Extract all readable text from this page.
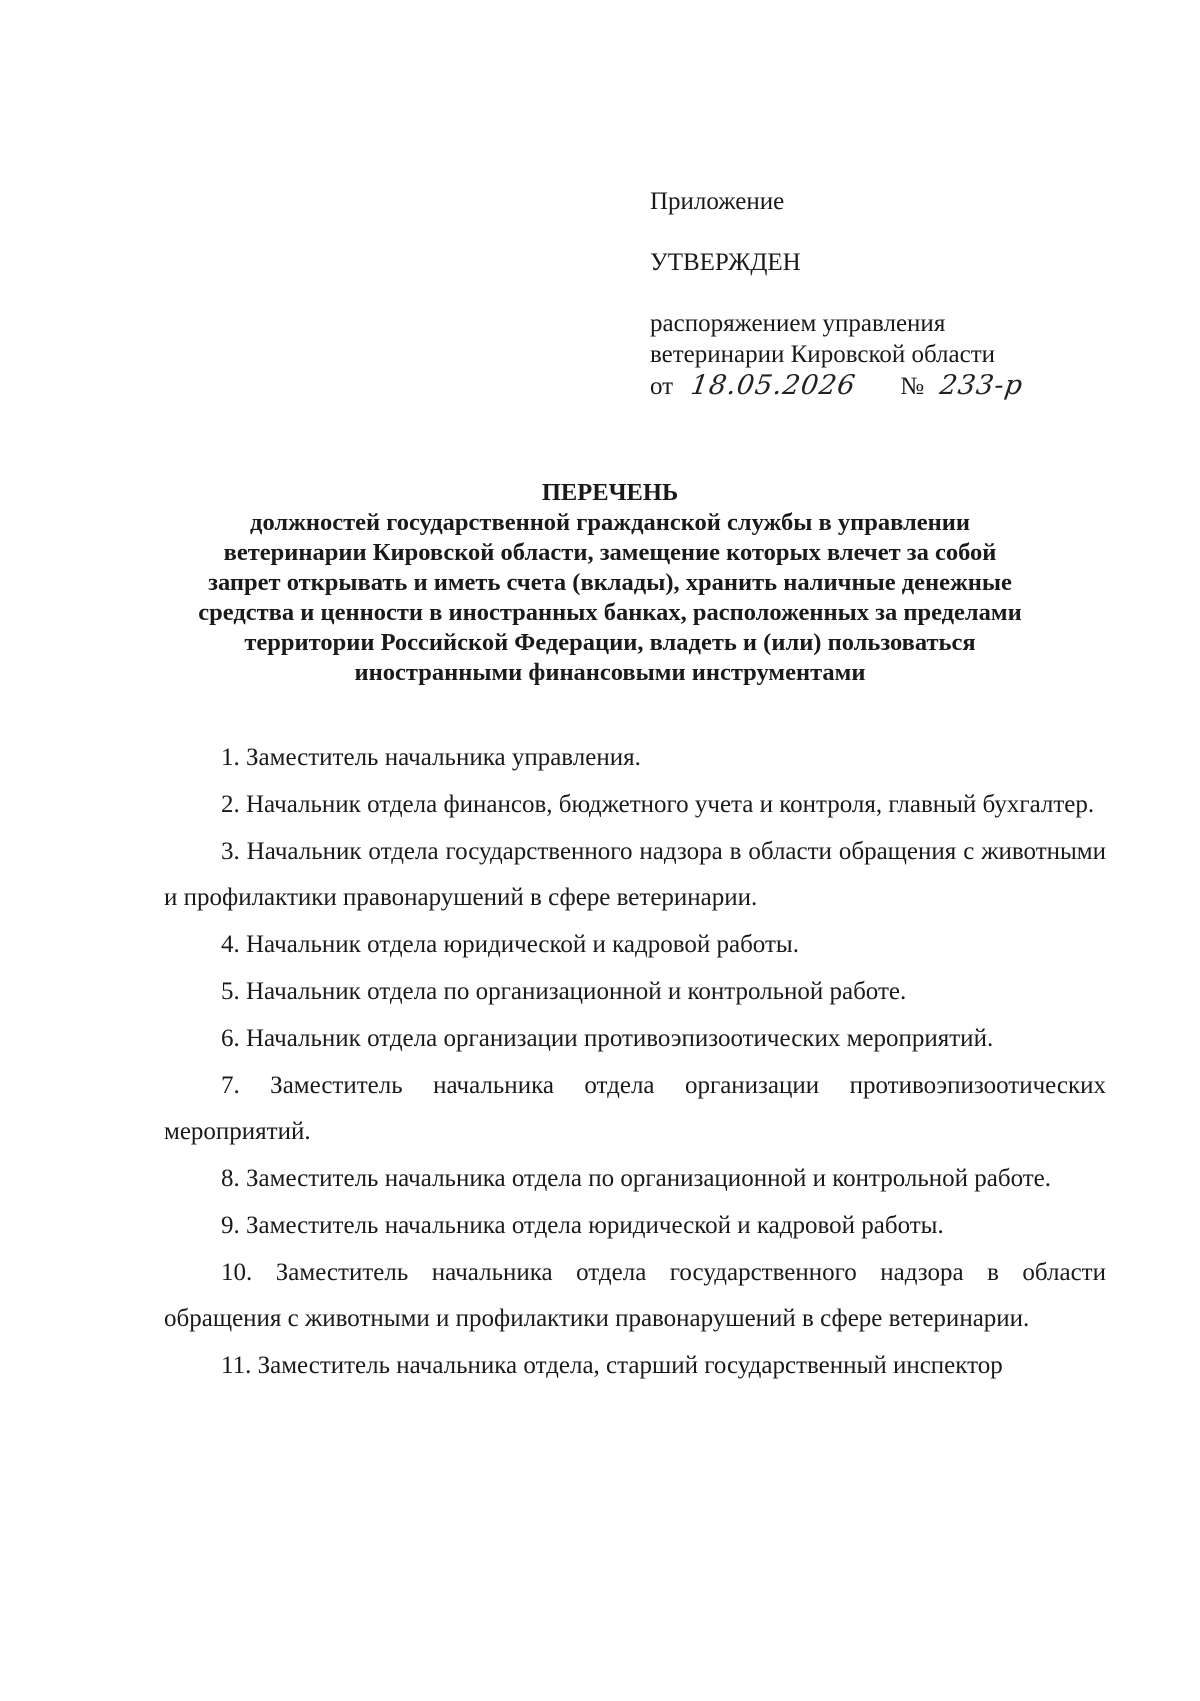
Приложение

УТВЕРЖДЕН

распоряжением управления
ветеринарии Кировской области
от 18.05.2026 № 233-р
ПЕРЕЧЕНЬ
должностей государственной гражданской службы в управлении
ветеринарии Кировской области, замещение которых влечет за собой
запрет открывать и иметь счета (вклады), хранить наличные денежные
средства и ценности в иностранных банках, расположенных за пределами
территории Российской Федерации, владеть и (или) пользоваться
иностранными финансовыми инструментами

1. Заместитель начальника управления.

2. Начальник отдела финансов, бюджетного учета и контроля, главный бухгалтер.

3. Начальник отдела государственного надзора в области обращения с животными и профилактики правонарушений в сфере ветеринарии.

4. Начальник отдела юридической и кадровой работы.

5. Начальник отдела по организационной и контрольной работе.

6. Начальник отдела организации противоэпизоотических мероприятий.

7. Заместитель начальника отдела организации противоэпизоотических мероприятий.

8. Заместитель начальника отдела по организационной и контрольной работе.

9. Заместитель начальника отдела юридической и кадровой работы.

10. Заместитель начальника отдела государственного надзора в области обращения с животными и профилактики правонарушений в сфере ветеринарии.

11. Заместитель начальника отдела, старший государственный инспектор
